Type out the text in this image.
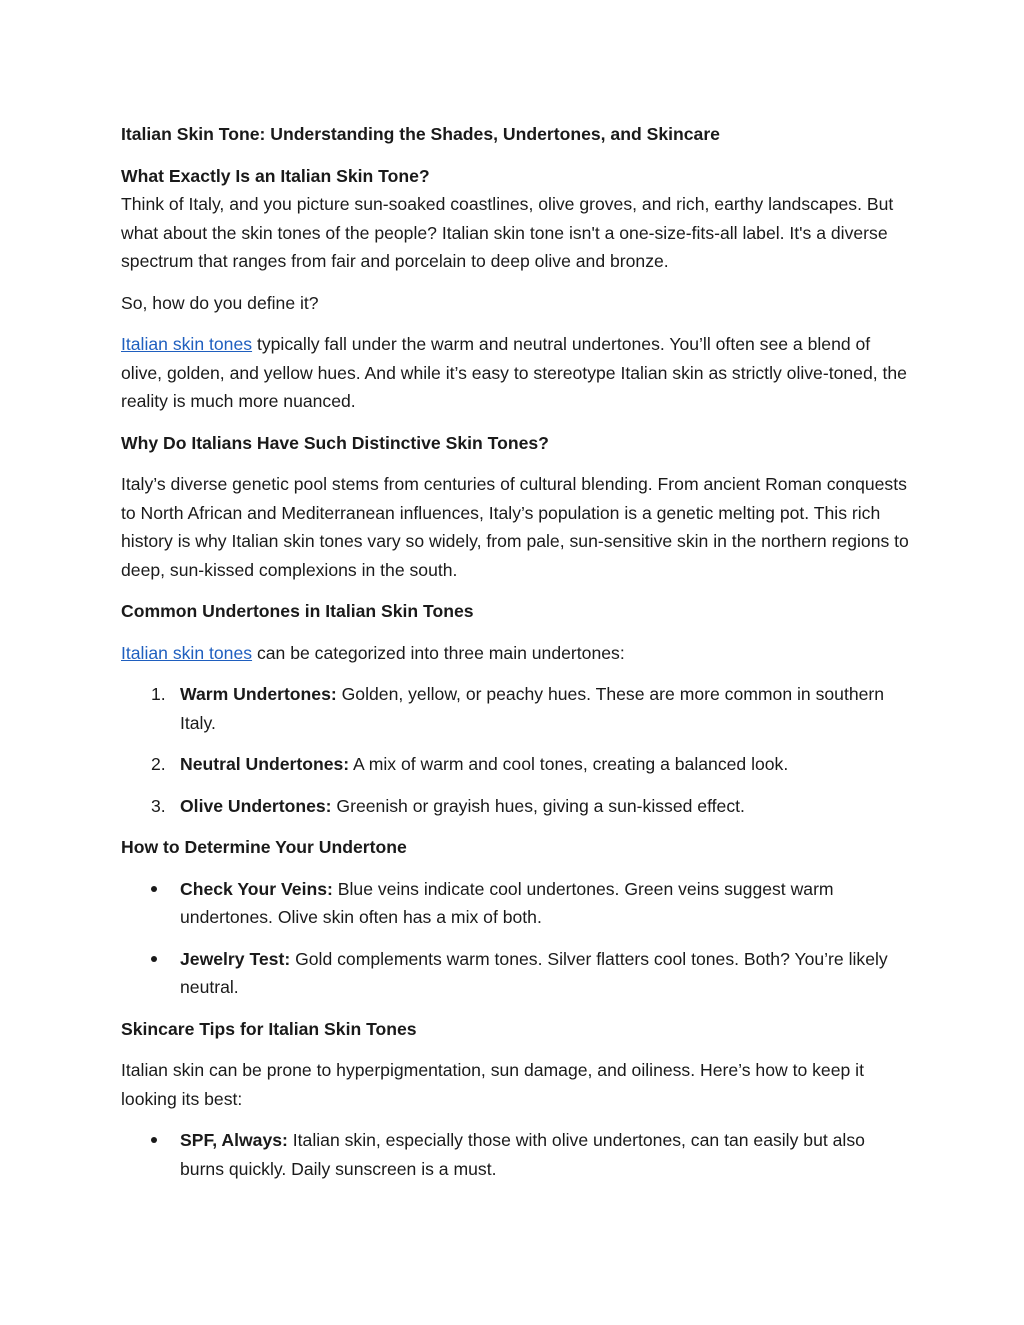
Italian Skin Tone: Understanding the Shades, Undertones, and Skincare

What Exactly Is an Italian Skin Tone?

Think of Italy, and you picture sun-soaked coastlines, olive groves, and rich, earthy landscapes. But what about the skin tones of the people? Italian skin tone isn't a one-size-fits-all label. It's a diverse spectrum that ranges from fair and porcelain to deep olive and bronze.

So, how do you define it?

Italian skin tones typically fall under the warm and neutral undertones. You’ll often see a blend of olive, golden, and yellow hues. And while it’s easy to stereotype Italian skin as strictly olive-toned, the reality is much more nuanced.

Why Do Italians Have Such Distinctive Skin Tones?

Italy’s diverse genetic pool stems from centuries of cultural blending. From ancient Roman conquests to North African and Mediterranean influences, Italy’s population is a genetic melting pot. This rich history is why Italian skin tones vary so widely, from pale, sun-sensitive skin in the northern regions to deep, sun-kissed complexions in the south.

Common Undertones in Italian Skin Tones

Italian skin tones can be categorized into three main undertones:

1. Warm Undertones: Golden, yellow, or peachy hues. These are more common in southern Italy.
2. Neutral Undertones: A mix of warm and cool tones, creating a balanced look.
3. Olive Undertones: Greenish or grayish hues, giving a sun-kissed effect.

How to Determine Your Undertone

Check Your Veins: Blue veins indicate cool undertones. Green veins suggest warm undertones. Olive skin often has a mix of both.
Jewelry Test: Gold complements warm tones. Silver flatters cool tones. Both? You’re likely neutral.

Skincare Tips for Italian Skin Tones

Italian skin can be prone to hyperpigmentation, sun damage, and oiliness. Here’s how to keep it looking its best:

SPF, Always: Italian skin, especially those with olive undertones, can tan easily but also burns quickly. Daily sunscreen is a must.
